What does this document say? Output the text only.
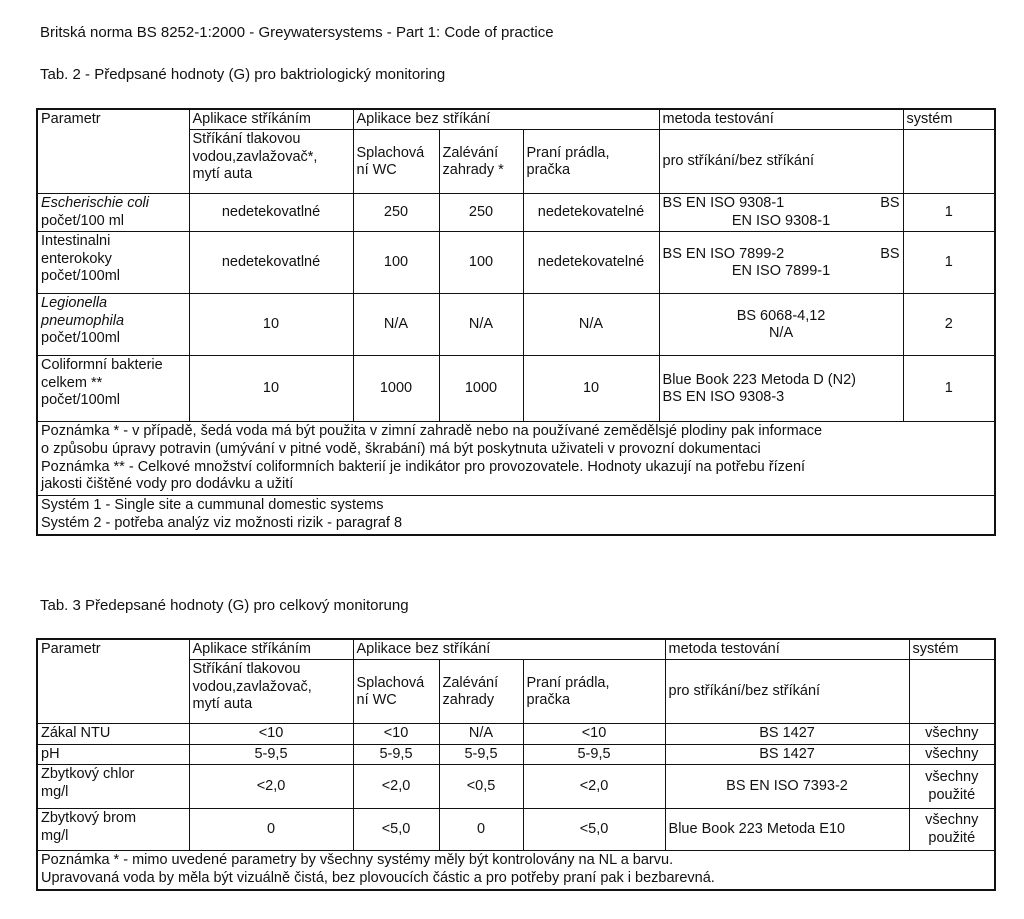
Britská norma BS 8252-1:2000 - Greywatersystems - Part 1: Code of practice
Tab. 2 - Předpsané hodnoty (G) pro baktriologický monitoring
Parametr	Aplikace stříkáním	Aplikace bez stříkání			metoda testování	systém

	Stříkání tlakovou
vodou,zavlažovač*,
mytí auta	Splachová
ní WC	Zalévání
zahrady *	Praní prádla,
pračka	pro stříkání/bez stříkání	

Escherischie coli
počet/100 ml	nedetekovatlné	250	250	nedetekovatelné	BS EN ISO 9308-1 BS
EN ISO 9308-1	1

Intestinalni
enterokoky
počet/100ml	nedetekovatlné	100	100	nedetekovatelné	BS EN ISO 7899-2 BS
EN ISO 7899-1	1

Legionella
pneumophila
počet/100ml	10	N/A	N/A	N/A	BS 6068-4,12
N/A	2

Coliformní bakterie
celkem **
počet/100ml	10	1000	1000	10	Blue Book 223 Metoda D (N2)
BS EN ISO 9308-3	1

Poznámka * - v případě, šedá voda má být použita v zimní zahradě nebo na používané zemědělsjé plodiny pak informace
o způsobu úpravy potravin (umývání v pitné vodě, škrabání) má být poskytnuta uživateli v provozní dokumentaci
Poznámka ** - Celkové množství coliformních bakterií je indikátor pro provozovatele. Hodnoty ukazují na potřebu řízení
jakosti čištěné vody pro dodávku a užití						

Systém 1 - Single site a cummunal domestic systems
Systém 2 - potřeba analýz viz možnosti rizik - paragraf 8						
Tab. 3 Předepsané hodnoty (G) pro celkový monitorung
Parametr	Aplikace stříkáním	Aplikace bez stříkání			metoda testování	systém

	Stříkání tlakovou
vodou,zavlažovač,
mytí auta	Splachová
ní WC	Zalévání
zahrady	Praní prádla,
pračka	pro stříkání/bez stříkání	
Zákal NTU	<10	<10	N/A	<10	BS 1427	všechny
pH	5-9,5	5-9,5	5-9,5	5-9,5	BS 1427	všechny

Zbytkový chlor
mg/l	<2,0	<2,0	<0,5	<2,0	BS EN ISO 7393-2	všechny
použité

Zbytkový brom
mg/l	0	<5,0	0	<5,0	Blue Book 223 Metoda E10	všechny
použité

Poznámka * - mimo uvedené parametry by všechny systémy měly být kontrolovány na NL a barvu.
Upravovaná voda by měla být vizuálně čistá, bez plovoucích částic a pro potřeby praní pak i bezbarevná.						
